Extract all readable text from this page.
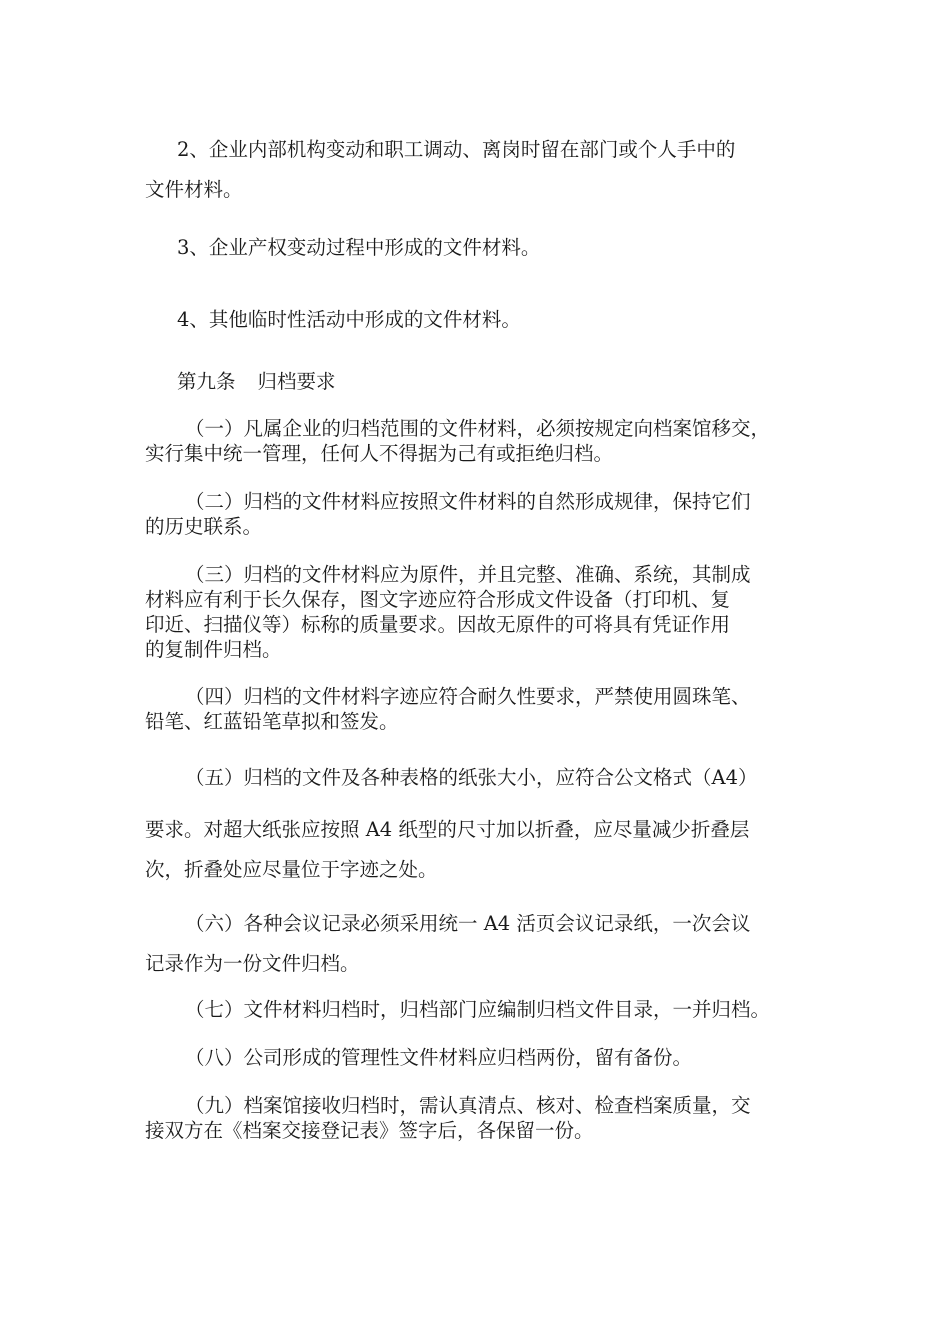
2、企业内部机构变动和职工调动、离岗时留在部门或个人手中的
文件材料。
3、企业产权变动过程中形成的文件材料。
4、其他临时性活动中形成的文件材料。
第九条 归档要求
（一）凡属企业的归档范围的文件材料，必须按规定向档案馆移交，
实行集中统一管理，任何人不得据为己有或拒绝归档。
（二）归档的文件材料应按照文件材料的自然形成规律，保持它们
的历史联系。
（三）归档的文件材料应为原件，并且完整、准确、系统，其制成
材料应有利于长久保存，图文字迹应符合形成文件设备（打印机、复
印近、扫描仪等）标称的质量要求。因故无原件的可将具有凭证作用
的复制件归档。
（四）归档的文件材料字迹应符合耐久性要求，严禁使用圆珠笔、
铅笔、红蓝铅笔草拟和签发。
（五）归档的文件及各种表格的纸张大小，应符合公文格式（A4）
要求。对超大纸张应按照 A4 纸型的尺寸加以折叠，应尽量减少折叠层
次，折叠处应尽量位于字迹之处。
（六）各种会议记录必须采用统一 A4 活页会议记录纸，一次会议
记录作为一份文件归档。
（七）文件材料归档时，归档部门应编制归档文件目录，一并归档。
（八）公司形成的管理性文件材料应归档两份，留有备份。
（九）档案馆接收归档时，需认真清点、核对、检查档案质量，交
接双方在《档案交接登记表》签字后，各保留一份。
